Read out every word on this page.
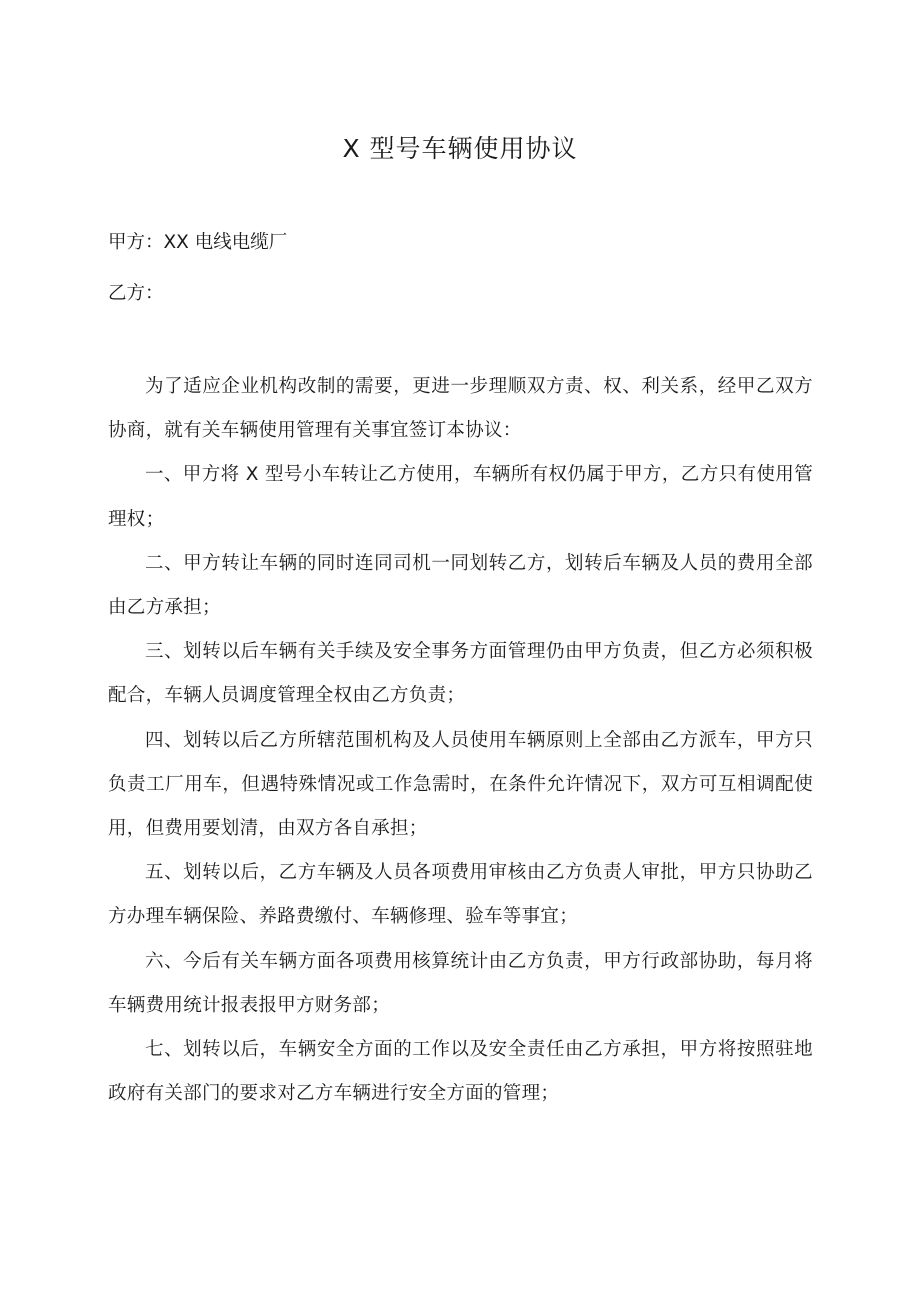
X 型号车辆使用协议

甲方：XX 电线电缆厂

乙方：

为了适应企业机构改制的需要，更进一步理顺双方责、权、利关系，经甲乙双方协商，就有关车辆使用管理有关事宜签订本协议：

一、甲方将 X 型号小车转让乙方使用，车辆所有权仍属于甲方，乙方只有使用管理权；

二、甲方转让车辆的同时连同司机一同划转乙方，划转后车辆及人员的费用全部由乙方承担；

三、划转以后车辆有关手续及安全事务方面管理仍由甲方负责，但乙方必须积极配合，车辆人员调度管理全权由乙方负责；

四、划转以后乙方所辖范围机构及人员使用车辆原则上全部由乙方派车，甲方只负责工厂用车，但遇特殊情况或工作急需时，在条件允许情况下，双方可互相调配使用，但费用要划清，由双方各自承担；

五、划转以后，乙方车辆及人员各项费用审核由乙方负责人审批，甲方只协助乙方办理车辆保险、养路费缴付、车辆修理、验车等事宜；

六、今后有关车辆方面各项费用核算统计由乙方负责，甲方行政部协助，每月将车辆费用统计报表报甲方财务部；

七、划转以后，车辆安全方面的工作以及安全责任由乙方承担，甲方将按照驻地政府有关部门的要求对乙方车辆进行安全方面的管理；
